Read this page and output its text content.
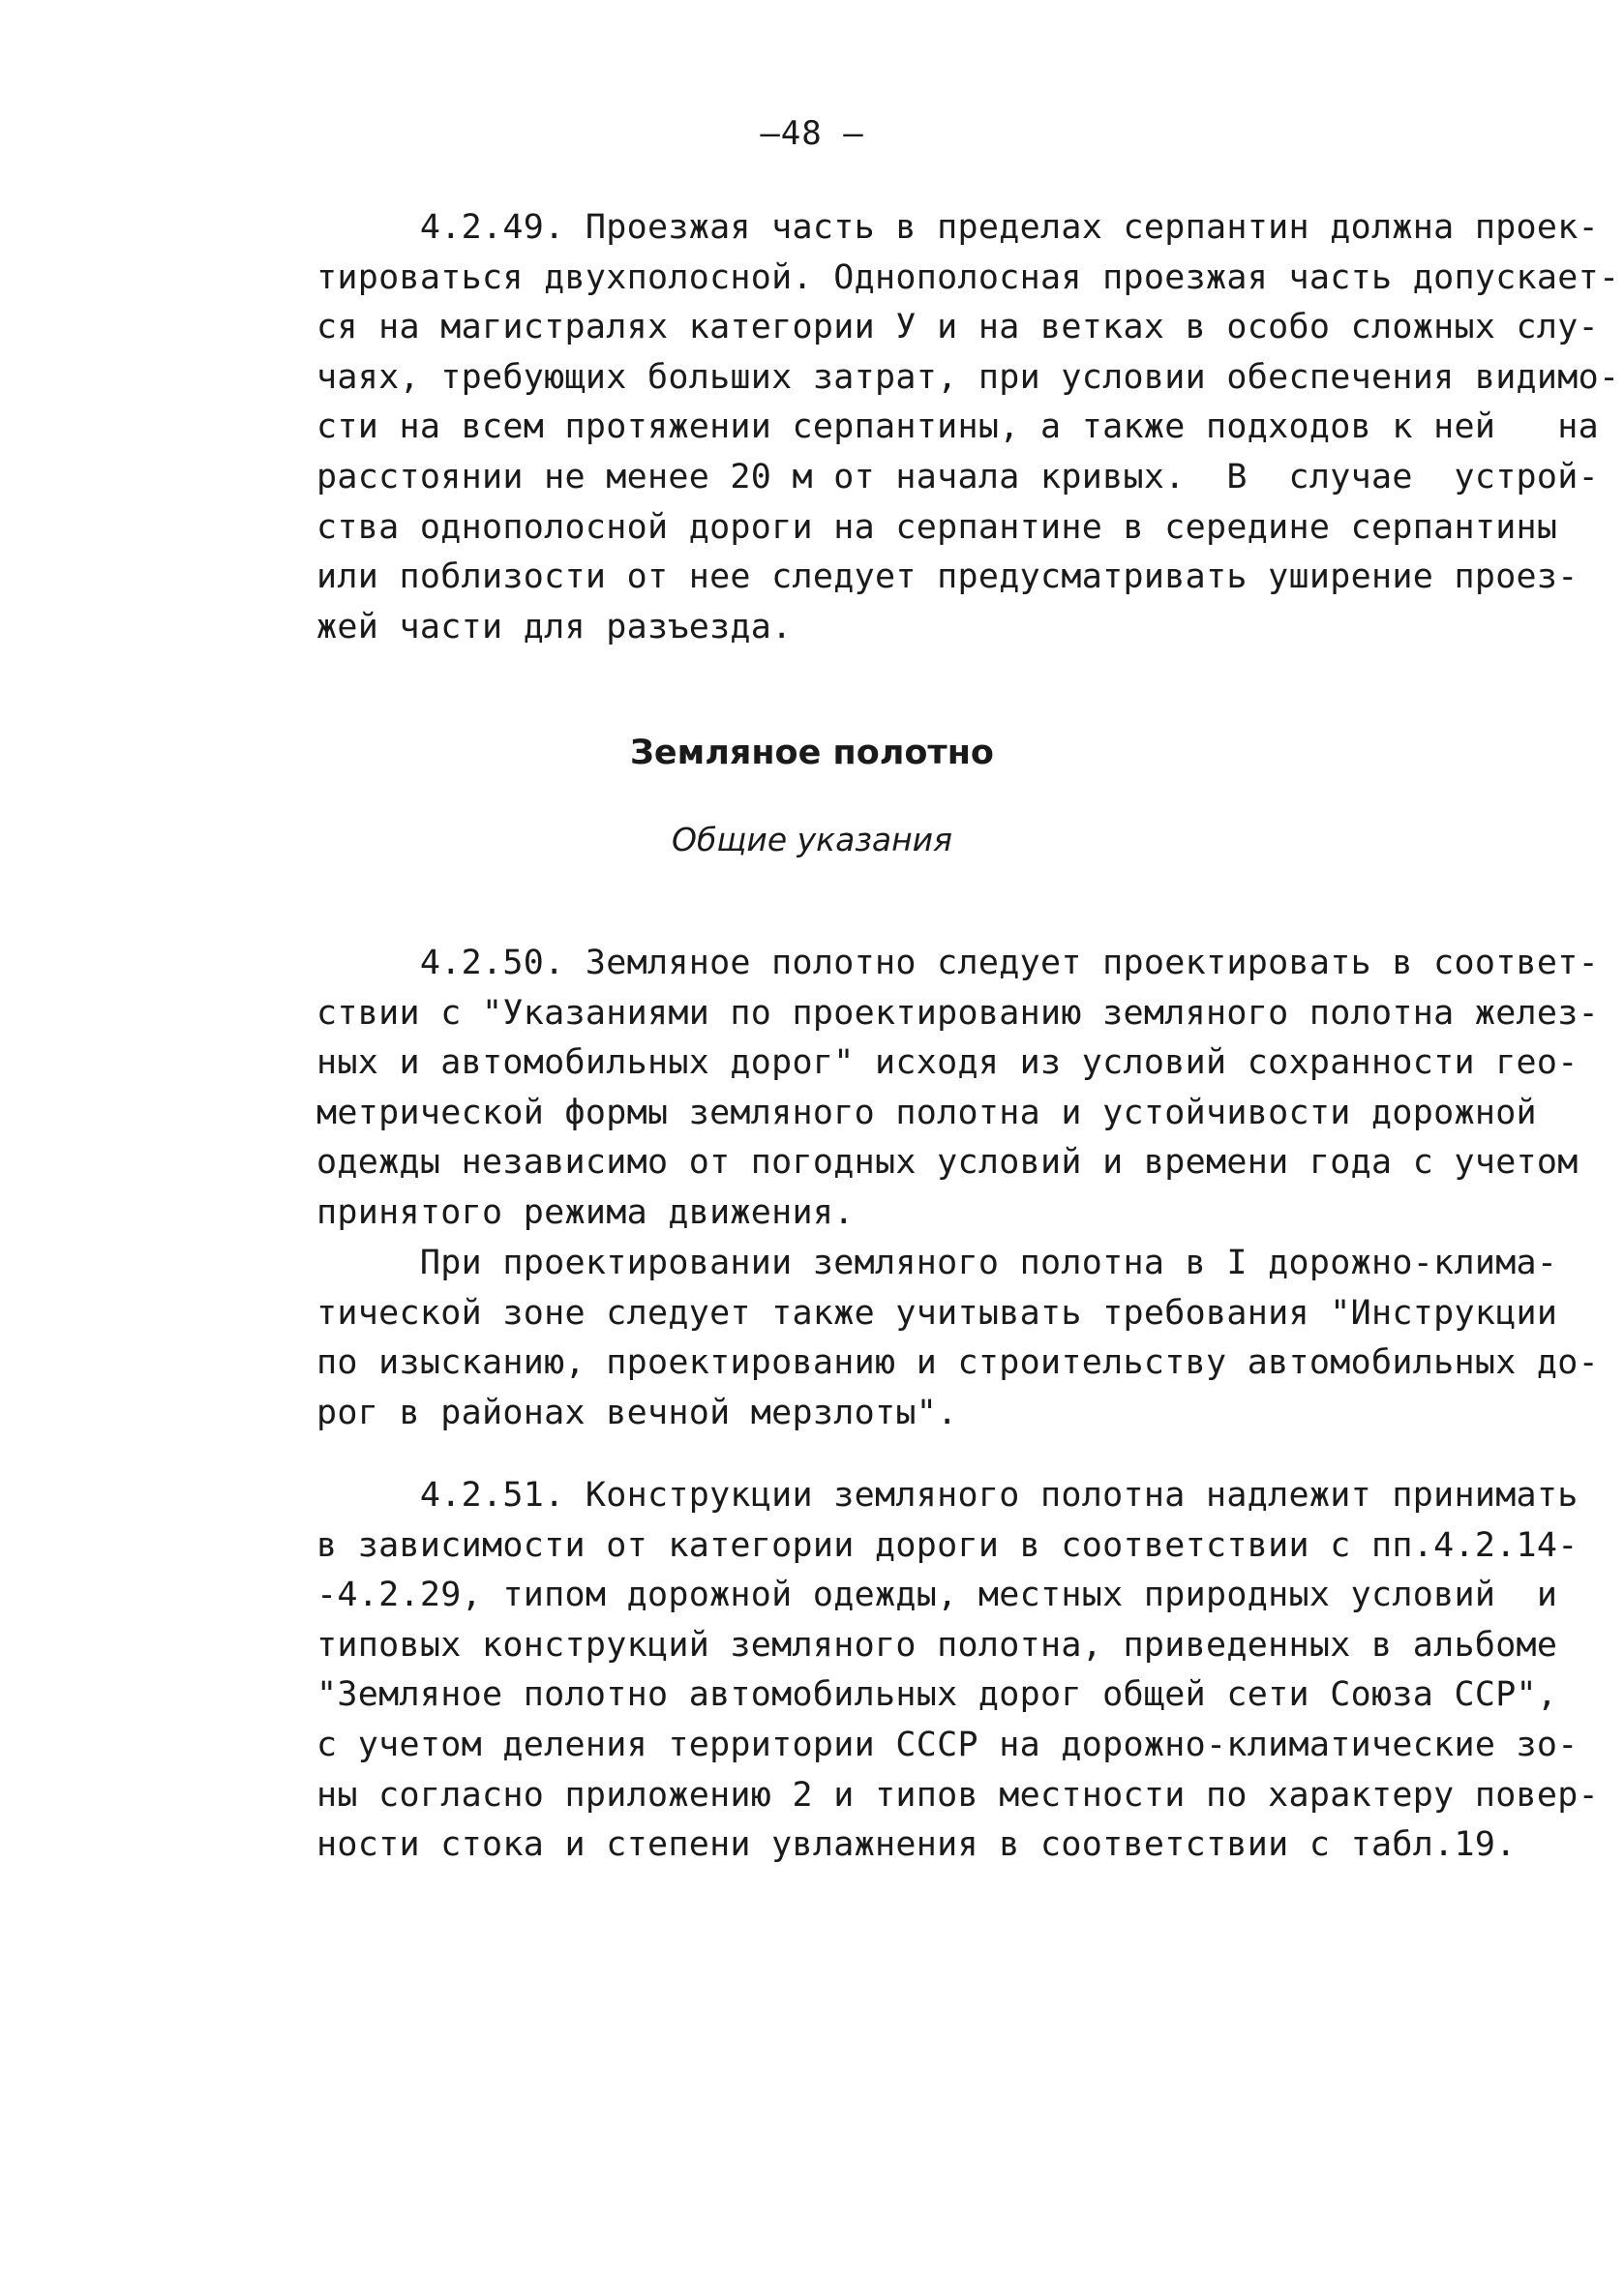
—48 —
4.2.49. Проезжая часть в пределах серпантин должна проек-
тироваться двухполосной. Однополосная проезжая часть допускает-
ся на магистралях категории У и на ветках в особо сложных слу-
чаях, требующих больших затрат, при условии обеспечения видимо-
сти на всем протяжении серпантины, а также подходов к ней   на
расстоянии не менее 20 м от начала кривых.  В  случае  устрой-
ства однополосной дороги на серпантине в середине серпантины
или поблизости от нее следует предусматривать уширение проез-
жей части для разъезда.
Земляное полотно
Общие указания
4.2.50. Земляное полотно следует проектировать в соответ-
ствии с "Указаниями по проектированию земляного полотна желез-
ных и автомобильных дорог" исходя из условий сохранности гео-
метрической формы земляного полотна и устойчивости дорожной
одежды независимо от погодных условий и времени года с учетом
принятого режима движения.
При проектировании земляного полотна в I дорожно-клима-
тической зоне следует также учитывать требования "Инструкции
по изысканию, проектированию и строительству автомобильных до-
рог в районах вечной мерзлоты".
4.2.51. Конструкции земляного полотна надлежит принимать
в зависимости от категории дороги в соответствии с пп.4.2.14-
-4.2.29, типом дорожной одежды, местных природных условий  и
типовых конструкций земляного полотна, приведенных в альбоме
"Земляное полотно автомобильных дорог общей сети Союза ССР",
с учетом деления территории СССР на дорожно-климатические зо-
ны согласно приложению 2 и типов местности по характеру повер-
ности стока и степени увлажнения в соответствии с табл.19.
